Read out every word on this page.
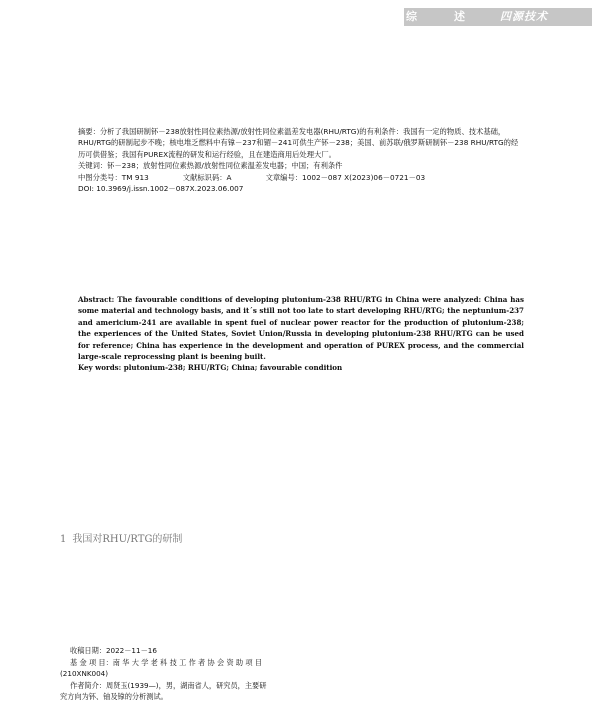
综	述	四源技术

摘要：分析了我国研制钚－238放射性同位素热源/放射性同位素温差发电器(RHU/RTG)的有利条件：我国有一定的物质、技术基础，RHU/RTG的研制起步不晚；核电堆乏燃料中有镎－237和镅－241可供生产钚－238；美国、前苏联/俄罗斯研制钚－238 RHU/RTG的经历可供借鉴；我国有PUREX流程的研发和运行经验，且在建造商用后处理大厂。

关键词：钚－238；放射性同位素热源/放射性同位素温差发电器；中国；有利条件

中图分类号：TM 913	文献标识码：A	文章编号：1002－087 X(2023)06－0721－03

DOI: 10.3969/j.issn.1002－087X.2023.06.007

Abstract: The favourable conditions of developing plutonium-238 RHU/RTG in China were analyzed: China has some material and technology basis, and it´s still not too late to start developing RHU/RTG; the neptunium-237 and americium-241 are available in spent fuel of nuclear power reactor for the production of plutonium-238; the experiences of the United States, Soviet Union/Russia in developing plutonium-238 RHU/RTG can be used for reference; China has experience in the development and operation of PUREX process, and the commercial large-scale reprocessing plant is beening built.

Key words: plutonium-238; RHU/RTG; China; favourable condition

1 我国对RHU/RTG的研制

收稿日期：2022－11－16

基 金 项 目：南 华 大 学 老 科 技 工 作 者 协 会 资 助 项 目

(210XNK004)

作者简介：周贤玉(1939—)，男，湖南省人，研究员，主要研

究方向为钚、铀及镎的分析测试。
